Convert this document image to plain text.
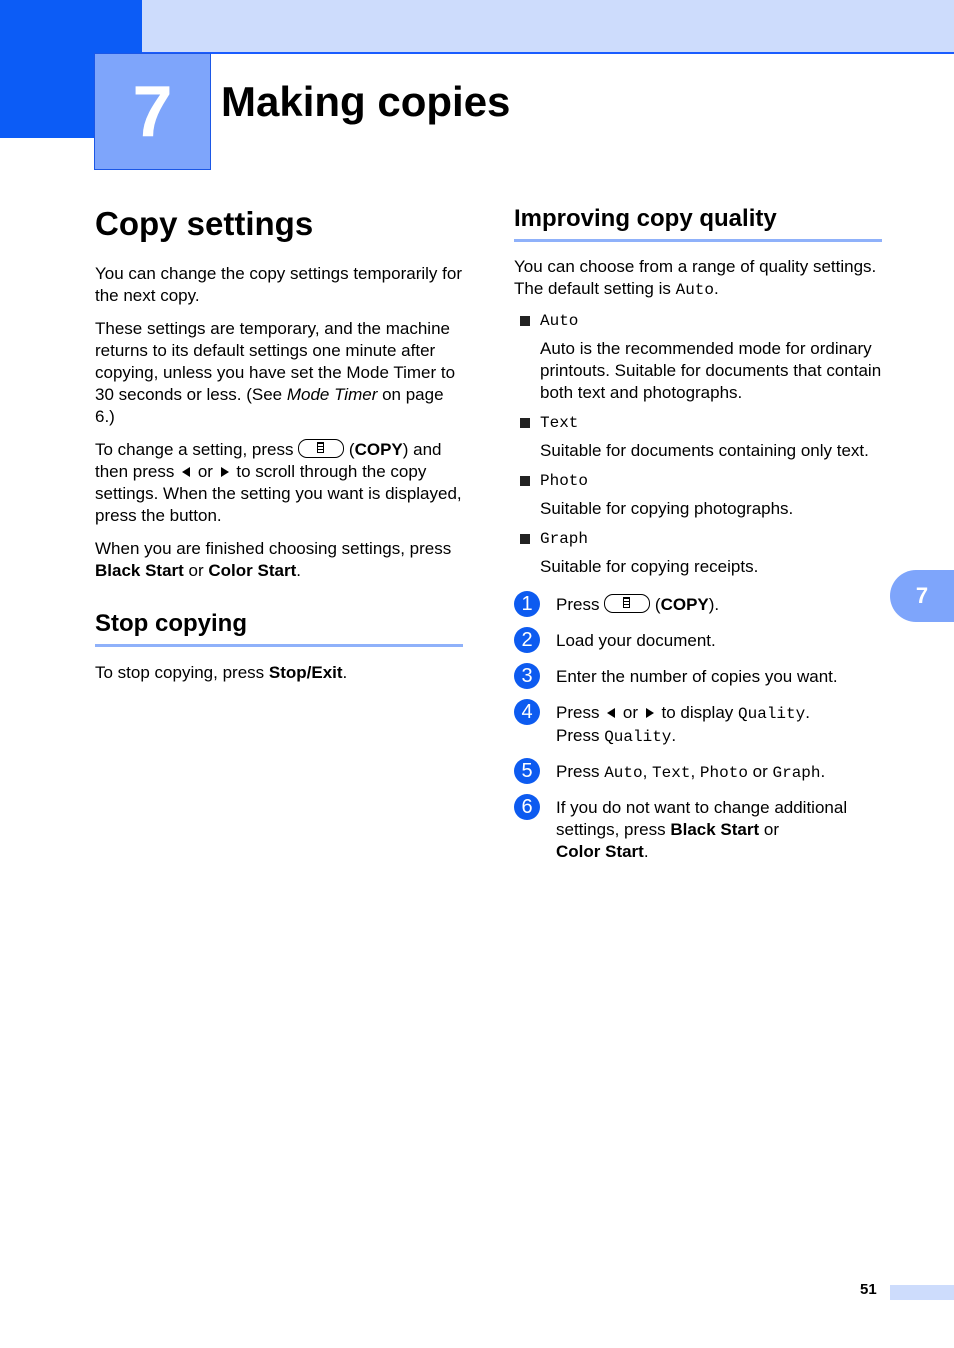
7	Making copies
Copy settings

You can change the copy settings temporarily for the next copy.

These settings are temporary, and the machine returns to its default settings one minute after copying, unless you have set the Mode Timer to 30 seconds or less. (See Mode Timer on page 6.)

To change a setting, press	(COPY) and then press  or  to scroll through the copy settings. When the setting you want is displayed, press the button.

When you are finished choosing settings, press Black Start or Color Start.

Stop copying

To stop copying, press Stop/Exit.

Improving copy quality

You can choose from a range of quality settings. The default setting is Auto.

Auto

Auto is the recommended mode for ordinary printouts. Suitable for documents that contain both text and photographs.

Text

Suitable for documents containing only text.

Photo

Suitable for copying photographs.

Graph

Suitable for copying receipts.

1	Press	(COPY).
2	Load your document.
3	Enter the number of copies you want.
4	Press  or  to display Quality.
Press Quality.
5	Press Auto, Text, Photo or Graph.
6	If you do not want to change additional settings, press Black Start or
Color Start.
7
51
